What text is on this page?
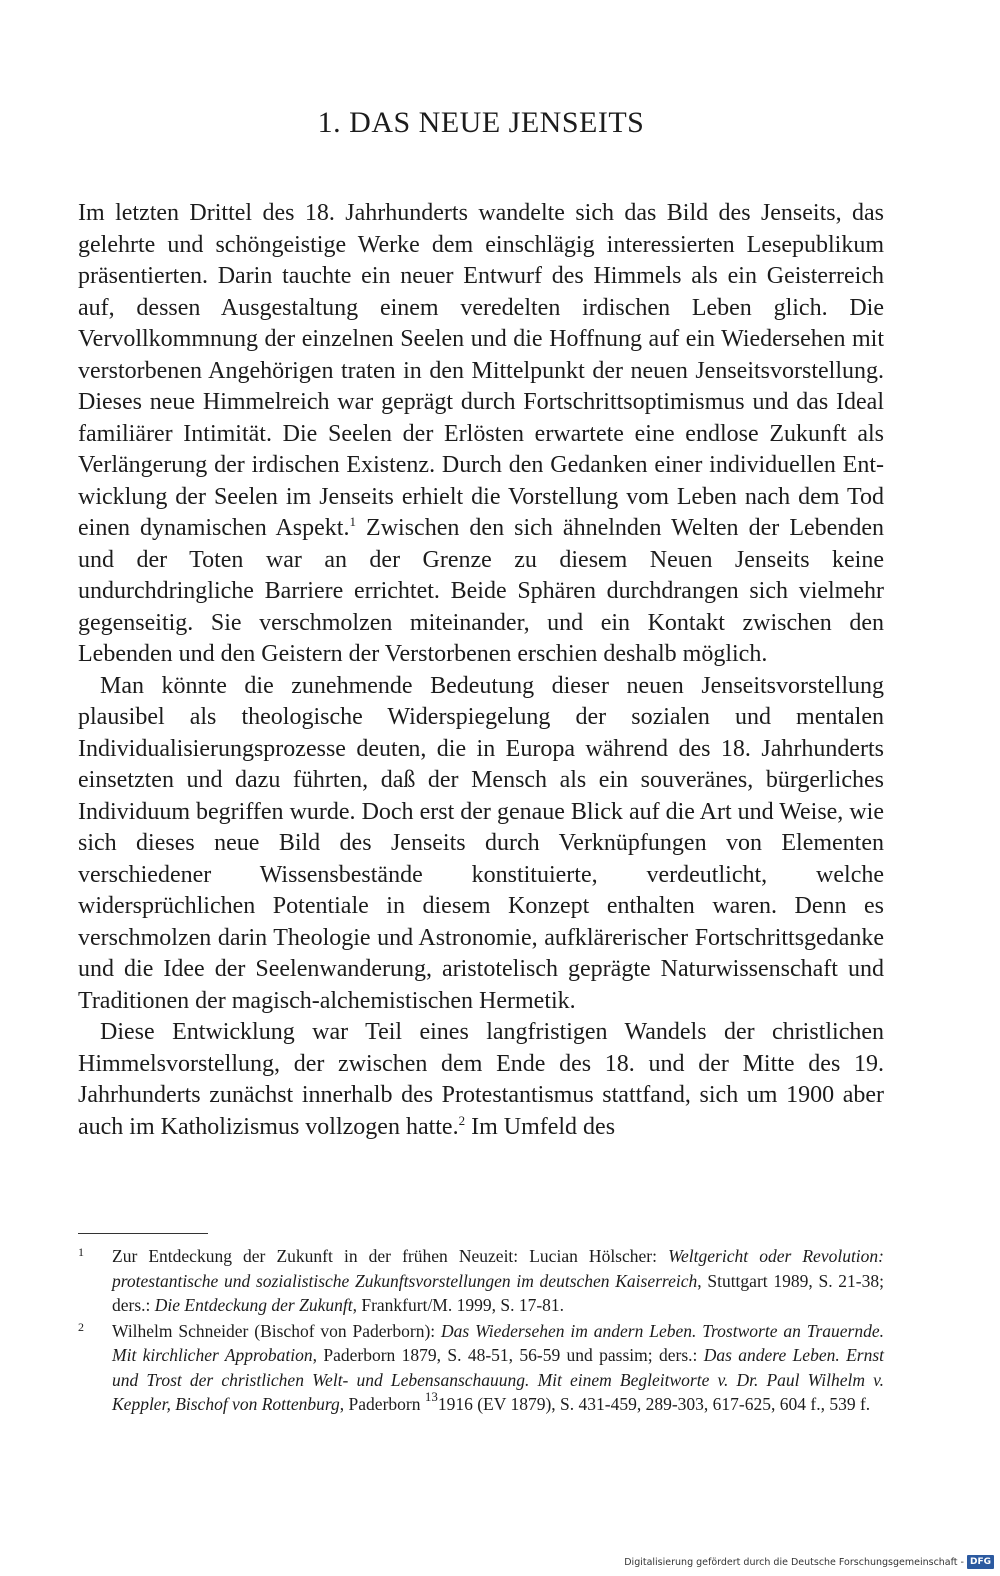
1. DAS NEUE JENSEITS

Im letzten Drittel des 18. Jahrhunderts wandelte sich das Bild des Jenseits, das gelehrte und schöngeistige Werke dem einschlägig interessierten Lesepublikum präsentierten. Darin tauchte ein neuer Entwurf des Himmels als ein Geisterreich auf, dessen Ausgestaltung einem veredelten irdischen Leben glich. Die Vervollkommnung der einzelnen Seelen und die Hoffnung auf ein Wiedersehen mit verstorbenen Angehörigen traten in den Mittelpunkt der neuen Jenseitsvorstellung. Dieses neue Himmelreich war geprägt durch Fortschrittsoptimismus und das Ideal familiärer Intimität. Die Seelen der Erlösten erwartete eine endlose Zukunft als Verlängerung der irdischen Existenz. Durch den Gedanken einer individuellen Entwicklung der Seelen im Jenseits erhielt die Vorstellung vom Leben nach dem Tod einen dynamischen Aspekt.$^1$ Zwischen den sich ähnelnden Welten der Lebenden und der Toten war an der Grenze zu diesem Neuen Jenseits keine undurchdringliche Barriere errichtet. Beide Sphären durchdrangen sich vielmehr gegenseitig. Sie verschmolzen miteinander, und ein Kontakt zwischen den Lebenden und den Geistern der Verstorbenen erschien deshalb möglich.

Man könnte die zunehmende Bedeutung dieser neuen Jenseitsvorstellung plausibel als theologische Widerspiegelung der sozialen und mentalen Individualisierungsprozesse deuten, die in Europa während des 18. Jahrhunderts einsetzten und dazu führten, daß der Mensch als ein souveränes, bürgerliches Individuum begriffen wurde. Doch erst der genaue Blick auf die Art und Weise, wie sich dieses neue Bild des Jenseits durch Verknüpfungen von Elementen verschiedener Wissensbestände konstituierte, verdeutlicht, welche widersprüchlichen Potentiale in diesem Konzept enthalten waren. Denn es verschmolzen darin Theologie und Astronomie, aufklärerischer Fortschrittsgedanke und die Idee der Seelenwanderung, aristotelisch geprägte Naturwissenschaft und Traditionen der magisch-alchemistischen Hermetik.

Diese Entwicklung war Teil eines langfristigen Wandels der christlichen Himmelsvorstellung, der zwischen dem Ende des 18. und der Mitte des 19. Jahrhunderts zunächst innerhalb des Protestantismus stattfand, sich um 1900 aber auch im Katholizismus vollzogen hatte.$^2$ Im Umfeld des

1 Zur Entdeckung der Zukunft in der frühen Neuzeit: Lucian Hölscher: Weltgericht oder Revolution: protestantische und sozialistische Zukunftsvorstellungen im deutschen Kaiserreich, Stuttgart 1989, S. 21-38; ders.: Die Entdeckung der Zukunft, Frankfurt/M. 1999, S. 17-81.

2 Wilhelm Schneider (Bischof von Paderborn): Das Wiedersehen im andern Leben. Trostworte an Trauernde. Mit kirchlicher Approbation, Paderborn 1879, S. 48-51, 56-59 und passim; ders.: Das andere Leben. Ernst und Trost der christlichen Welt- und Lebensanschauung. Mit einem Begleitworte v. Dr. Paul Wilhelm v. Keppler, Bischof von Rottenburg, Paderborn $^{13}$1916 (EV 1879), S. 431-459, 289-303, 617-625, 604 f., 539 f.

Digitalisierung gefördert durch die Deutsche Forschungsgemeinschaft - DFG
